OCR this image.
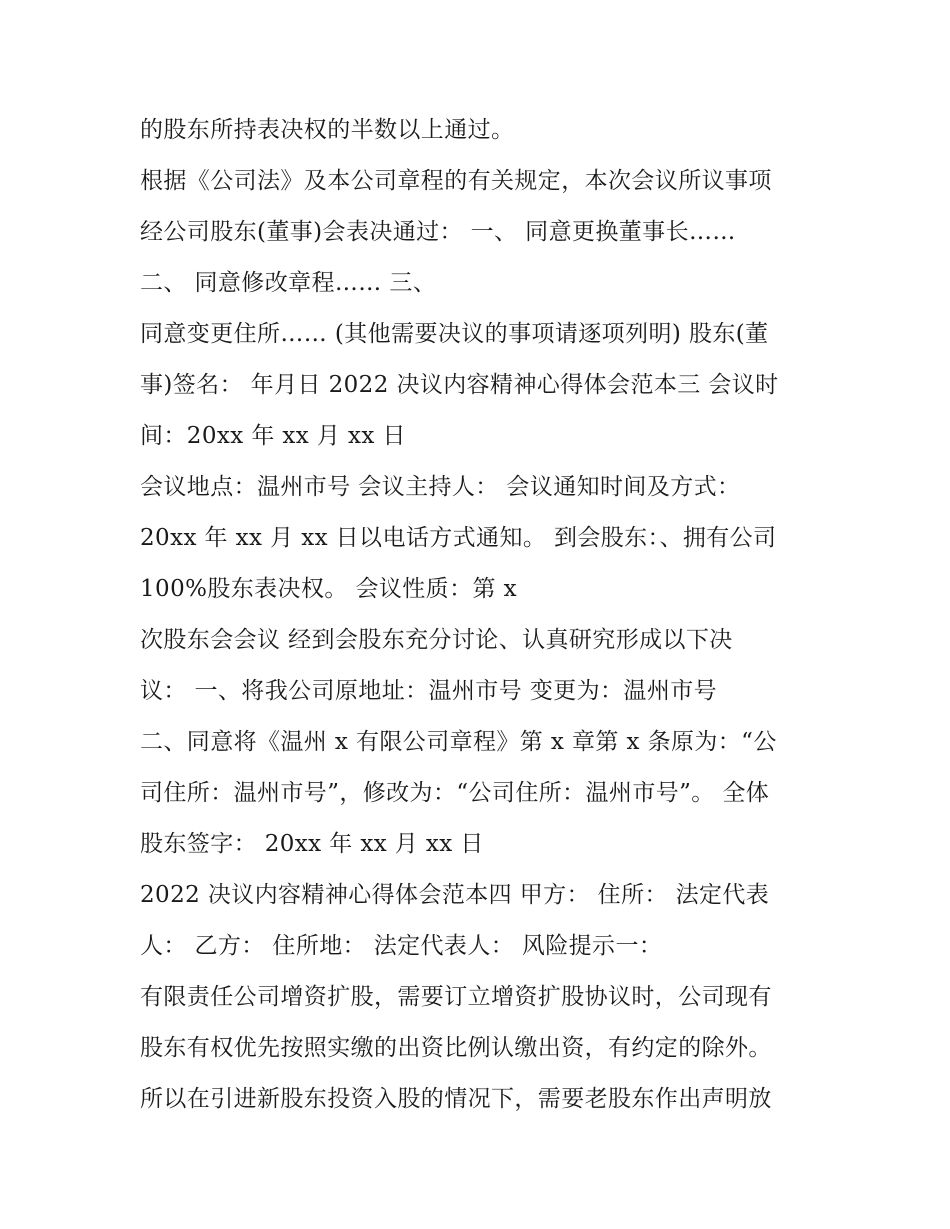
的股东所持表决权的半数以上通过。
根据《公司法》及本公司章程的有关规定，本次会议所议事项
经公司股东(董事)会表决通过： 一、 同意更换董事长……
二、 同意修改章程…… 三、
同意变更住所…… (其他需要决议的事项请逐项列明) 股东(董
事)签名： 年月日 2022 决议内容精神心得体会范本三 会议时
间：20xx 年 xx 月 xx 日
会议地点：温州市号 会议主持人： 会议通知时间及方式：
20xx 年 xx 月 xx 日以电话方式通知。 到会股东：、拥有公司
100%股东表决权。 会议性质：第 x
次股东会会议 经到会股东充分讨论、认真研究形成以下决
议： 一、将我公司原地址：温州市号 变更为：温州市号
二、同意将《温州 x 有限公司章程》第 x 章第 x 条原为：“公
司住所：温州市号”，修改为：“公司住所：温州市号”。 全体
股东签字： 20xx 年 xx 月 xx 日
2022 决议内容精神心得体会范本四 甲方： 住所： 法定代表
人： 乙方： 住所地： 法定代表人： 风险提示一：
有限责任公司增资扩股，需要订立增资扩股协议时，公司现有
股东有权优先按照实缴的出资比例认缴出资，有约定的除外。
所以在引进新股东投资入股的情况下，需要老股东作出声明放
